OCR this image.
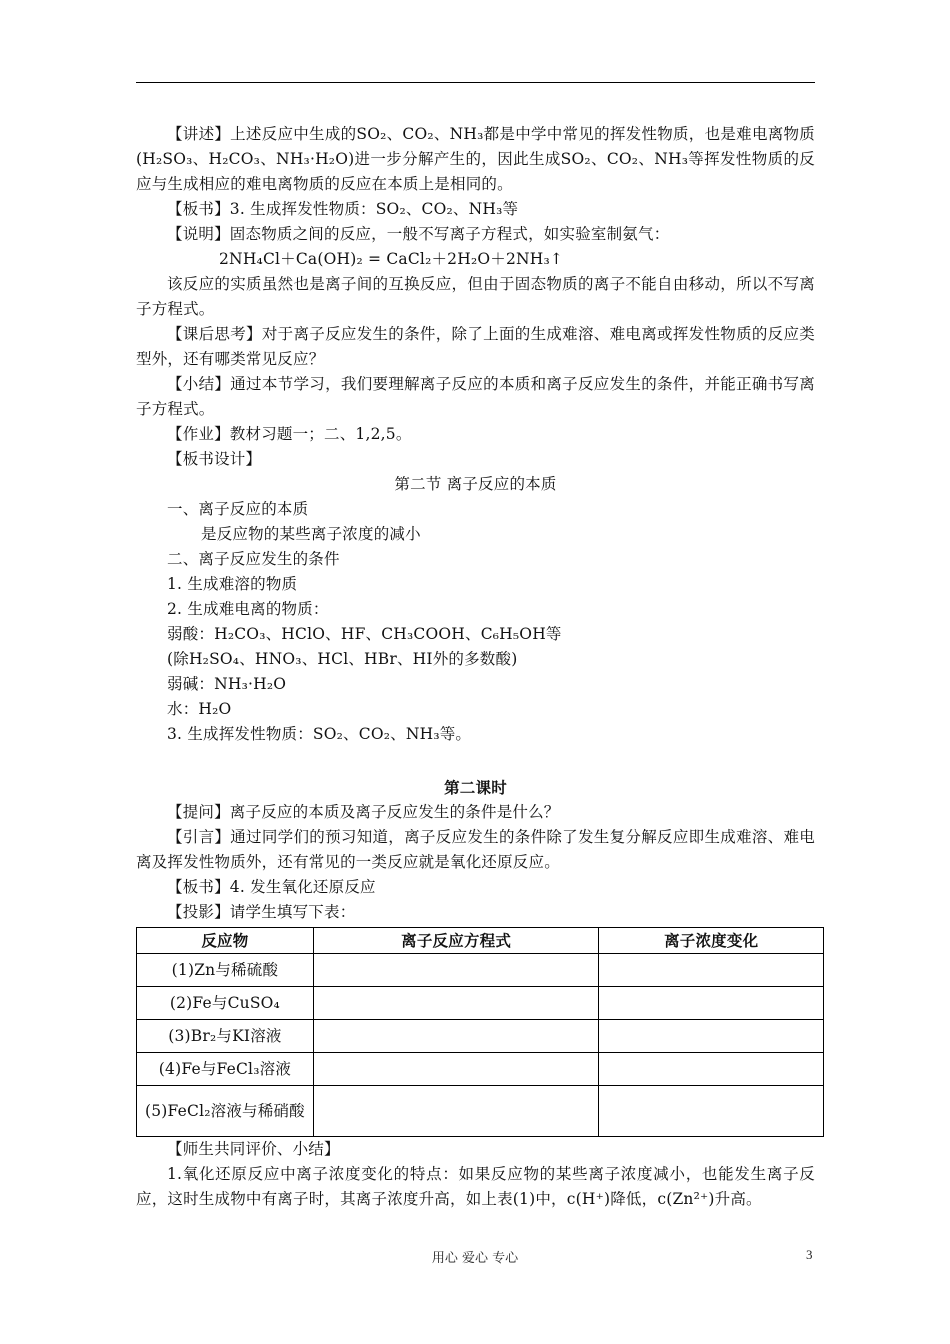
【讲述】上述反应中生成的SO₂、CO₂、NH₃都是中学中常见的挥发性物质，也是难电离物质(H₂SO₃、H₂CO₃、NH₃·H₂O)进一步分解产生的，因此生成SO₂、CO₂、NH₃等挥发性物质的反应与生成相应的难电离物质的反应在本质上是相同的。

【板书】3. 生成挥发性物质：SO₂、CO₂、NH₃等

【说明】固态物质之间的反应，一般不写离子方程式，如实验室制氨气：

2NH₄Cl＋Ca(OH)₂ = CaCl₂＋2H₂O＋2NH₃↑

该反应的实质虽然也是离子间的互换反应，但由于固态物质的离子不能自由移动，所以不写离子方程式。

【课后思考】对于离子反应发生的条件，除了上面的生成难溶、难电离或挥发性物质的反应类型外，还有哪类常见反应？

【小结】通过本节学习，我们要理解离子反应的本质和离子反应发生的条件，并能正确书写离子方程式。

【作业】教材习题一；二、1,2,5。

【板书设计】

第二节 离子反应的本质

一、离子反应的本质

是反应物的某些离子浓度的减小

二、离子反应发生的条件

1. 生成难溶的物质

2. 生成难电离的物质：

弱酸：H₂CO₃、HClO、HF、CH₃COOH、C₆H₅OH等

(除H₂SO₄、HNO₃、HCl、HBr、HI外的多数酸)

弱碱：NH₃·H₂O

水：H₂O

3. 生成挥发性物质：SO₂、CO₂、NH₃等。

第二课时

【提问】离子反应的本质及离子反应发生的条件是什么？

【引言】通过同学们的预习知道，离子反应发生的条件除了发生复分解反应即生成难溶、难电离及挥发性物质外，还有常见的一类反应就是氧化还原反应。

【板书】4. 发生氧化还原反应

【投影】请学生填写下表：

反应物	离子反应方程式	离子浓度变化
(1)Zn与稀硫酸		
(2)Fe与CuSO₄		
(3)Br₂与KI溶液		
(4)Fe与FeCl₃溶液		
(5)FeCl₂溶液与稀硝酸		

【师生共同评价、小结】

1.氧化还原反应中离子浓度变化的特点：如果反应物的某些离子浓度减小，也能发生离子反应，这时生成物中有离子时，其离子浓度升高，如上表(1)中，c(H⁺)降低，c(Zn²⁺)升高。

用心 爱心 专心	3
